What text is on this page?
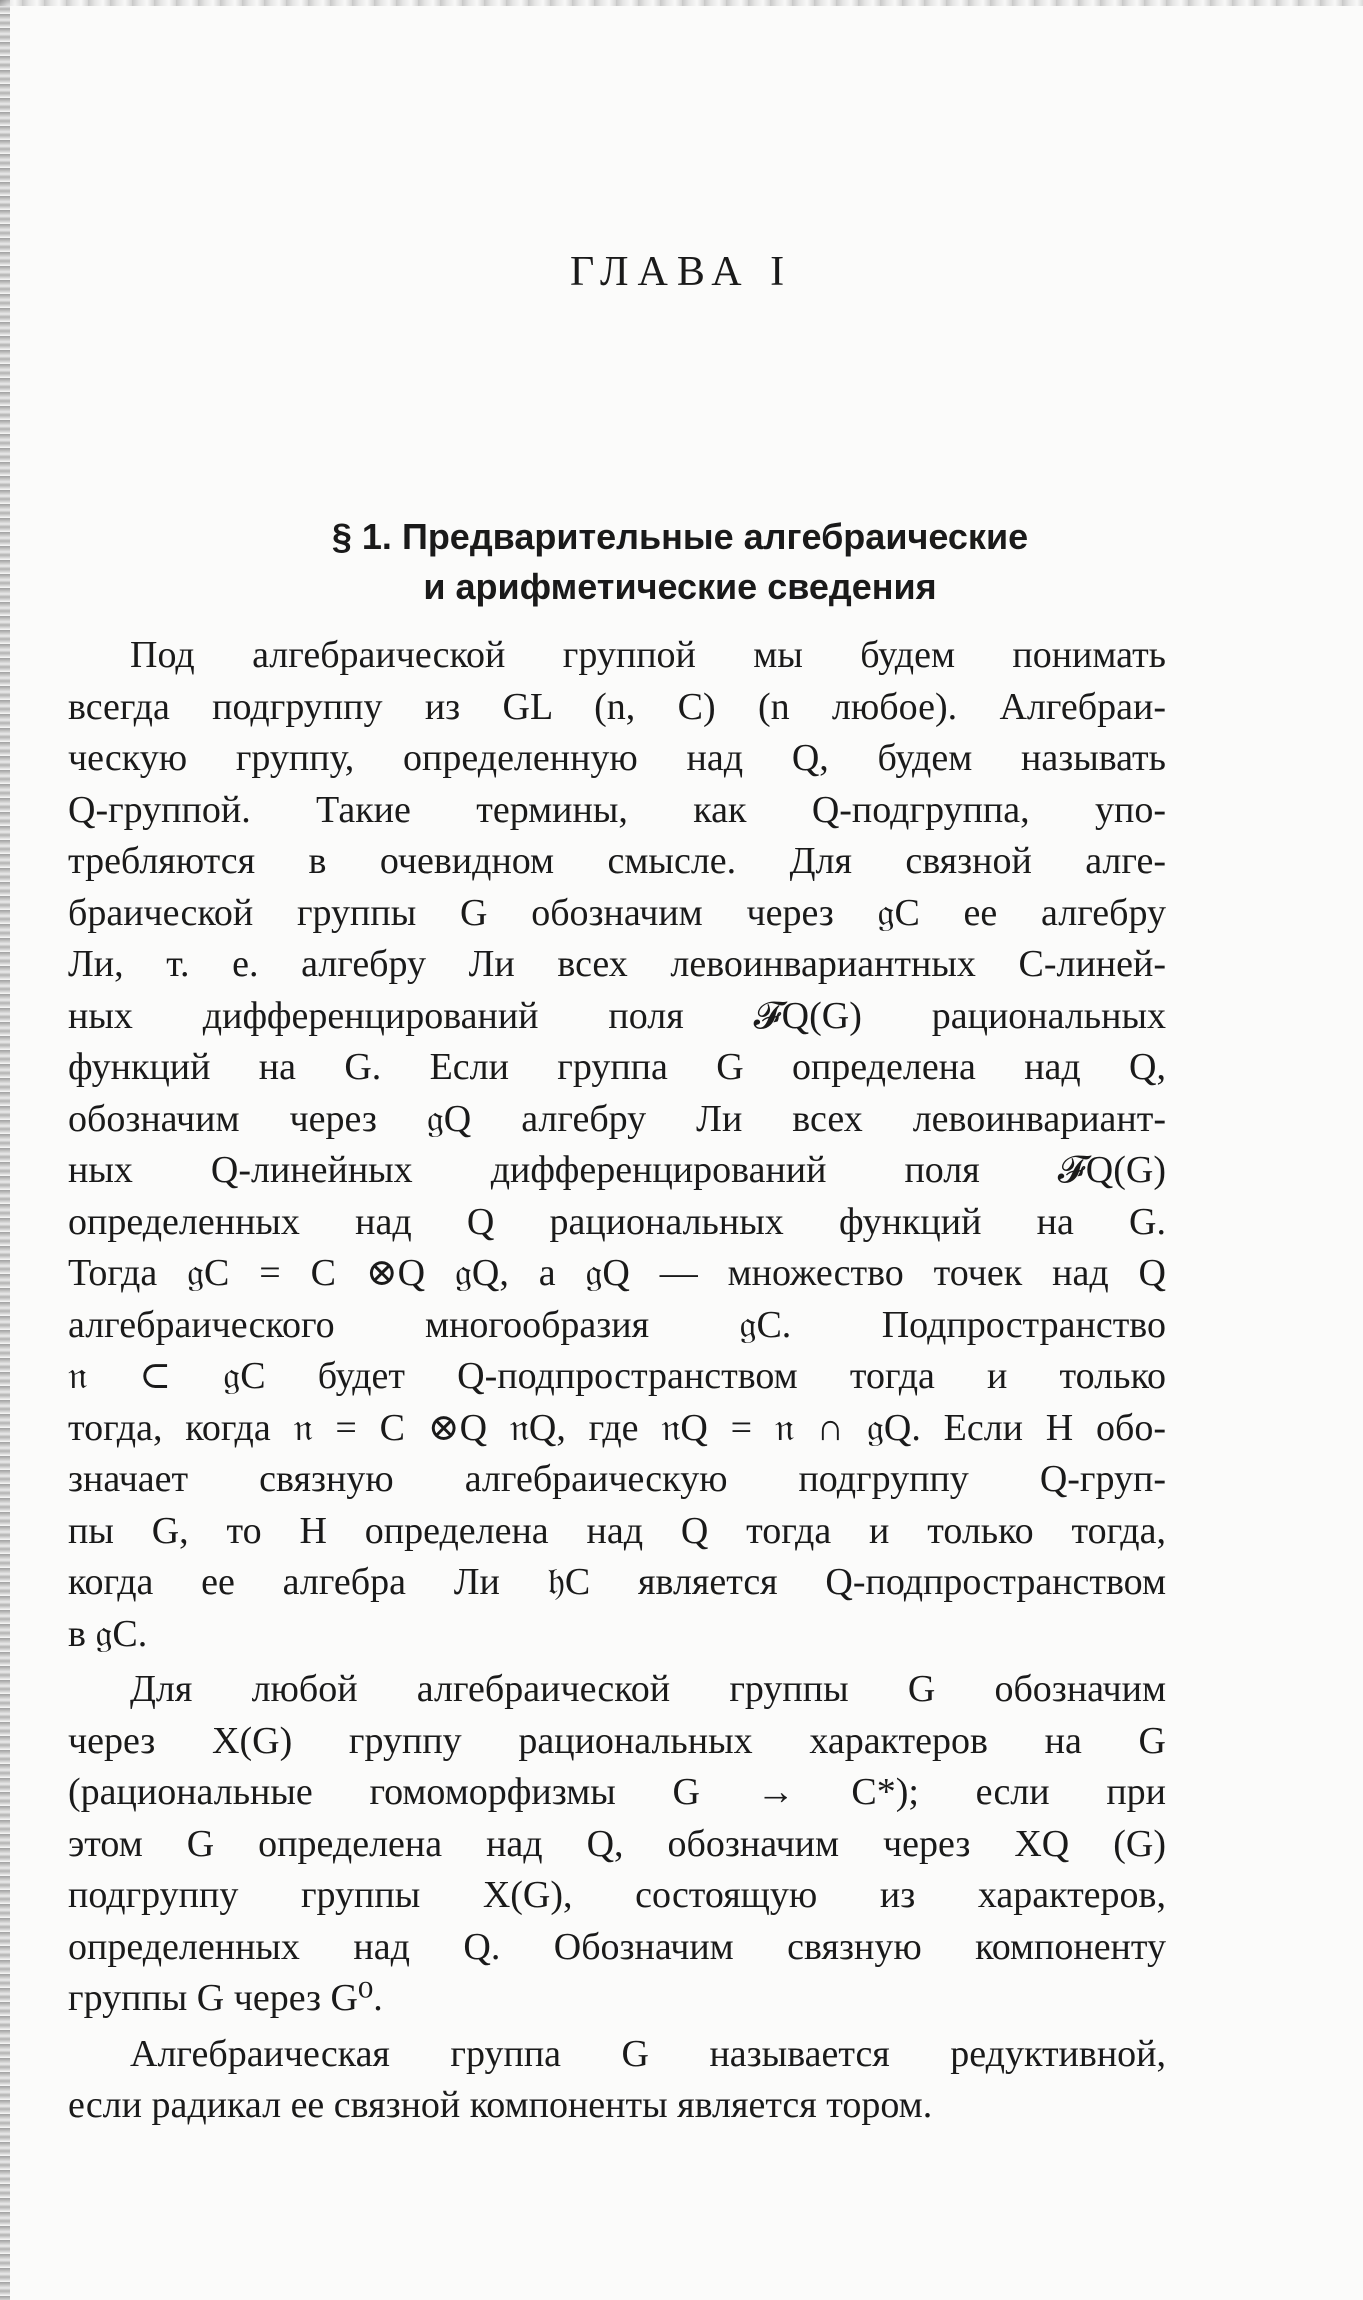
ГЛАВА I
§ 1. Предварительные алгебраические
и арифметические сведения

Под алгебраической группой мы будем понимать
всегда подгруппу из GL (n, C) (n любое). Алгебраи-
ческую группу, определенную над Q, будем называть
Q-группой. Такие термины, как Q-подгруппа, упо-
требляются в очевидном смысле. Для связной алге-
браической группы G обозначим через 𝔤C ее алгебру
Ли, т. е. алгебру Ли всех левоинвариантных C-линей-
ных дифференцирований поля 𝓕Q(G) рациональных
функций на G. Если группа G определена над Q,
обозначим через 𝔤Q алгебру Ли всех левоинвариант-
ных Q-линейных дифференцирований поля 𝓕Q(G)
определенных над Q рациональных функций на G.
Тогда 𝔤C = C ⊗Q 𝔤Q, а 𝔤Q — множество точек над Q
алгебраического многообразия 𝔤C. Подпространство
𝔫 ⊂ 𝔤C будет Q-подпространством тогда и только
тогда, когда 𝔫 = C ⊗Q 𝔫Q, где 𝔫Q = 𝔫 ∩ 𝔤Q. Если H обо-
значает связную алгебраическую подгруппу Q-груп-
пы G, то H определена над Q тогда и только тогда,
когда ее алгебра Ли 𝔥C является Q-подпространством
в 𝔤C.

Для любой алгебраической группы G обозначим
через X(G) группу рациональных характеров на G
(рациональные гомоморфизмы G → C*); если при
этом G определена над Q, обозначим через XQ (G)
подгруппу группы X(G), состоящую из характеров,
определенных над Q. Обозначим связную компоненту
группы G через G⁰.

Алгебраическая группа G называется редуктивной,
если радикал ее связной компоненты является тором.
